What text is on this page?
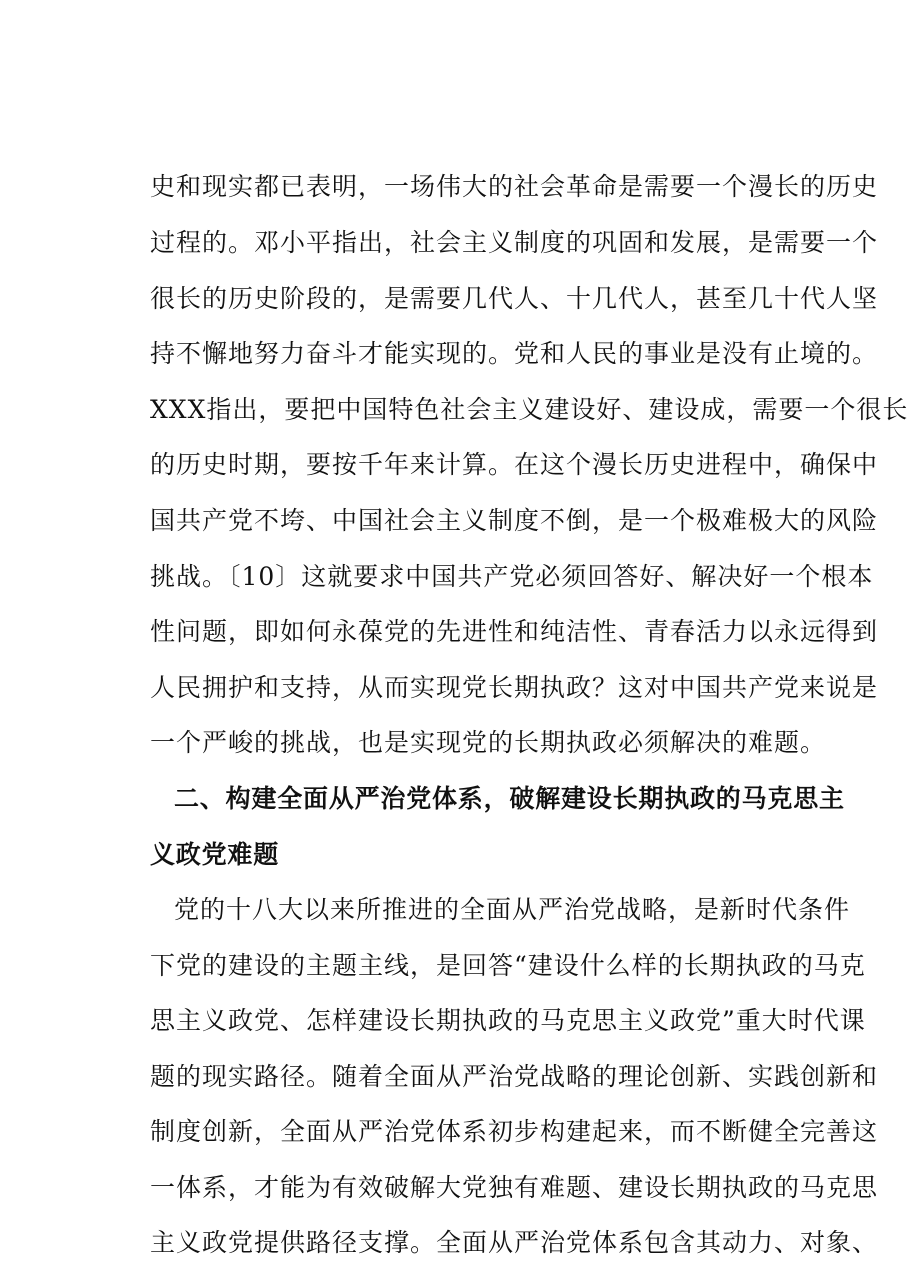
史和现实都已表明，一场伟大的社会革命是需要一个漫长的历史
过程的。邓小平指出，社会主义制度的巩固和发展，是需要一个
很长的历史阶段的，是需要几代人、十几代人，甚至几十代人坚
持不懈地努力奋斗才能实现的。党和人民的事业是没有止境的。
XXX指出，要把中国特色社会主义建设好、建设成，需要一个很长
的历史时期，要按千年来计算。在这个漫长历史进程中，确保中
国共产党不垮、中国社会主义制度不倒，是一个极难极大的风险
挑战。〔10〕这就要求中国共产党必须回答好、解决好一个根本
性问题，即如何永葆党的先进性和纯洁性、青春活力以永远得到
人民拥护和支持，从而实现党长期执政？这对中国共产党来说是
一个严峻的挑战，也是实现党的长期执政必须解决的难题。
二、构建全面从严治党体系，破解建设长期执政的马克思主
义政党难题
党的十八大以来所推进的全面从严治党战略，是新时代条件
下党的建设的主题主线，是回答“建设什么样的长期执政的马克
思主义政党、怎样建设长期执政的马克思主义政党”重大时代课
题的现实路径。随着全面从严治党战略的理论创新、实践创新和
制度创新，全面从严治党体系初步构建起来，而不断健全完善这
一体系，才能为有效破解大党独有难题、建设长期执政的马克思
主义政党提供路径支撑。全面从严治党体系包含其动力、对象、
